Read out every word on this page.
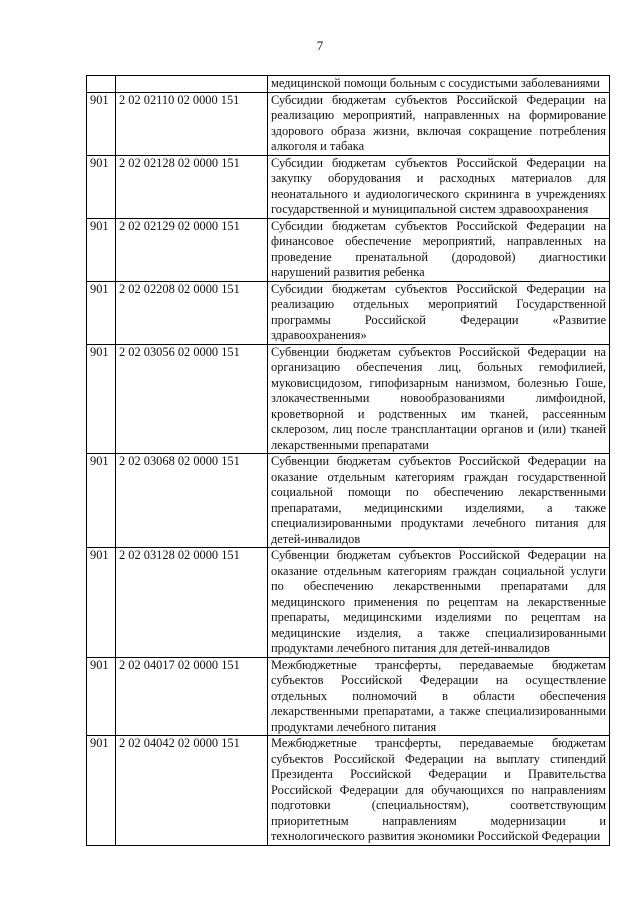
7
		медицинской помощи больным с сосудистыми заболеваниями
901	2 02 02110 02 0000 151	Субсидии бюджетам субъектов Российской Федерации на реализацию мероприятий, направленных на формирование здорового образа жизни, включая сокращение потребления алкоголя и табака
901	2 02 02128 02 0000 151	Субсидии бюджетам субъектов Российской Федерации на закупку оборудования и расходных материалов для неонатального и аудиологического скрининга в учреждениях государственной и муниципальной систем здравоохранения
901	2 02 02129 02 0000 151	Субсидии бюджетам субъектов Российской Федерации на финансовое обеспечение мероприятий, направленных на проведение пренатальной (дородовой) диагностики нарушений развития ребенка
901	2 02 02208 02 0000 151	Субсидии бюджетам субъектов Российской Федерации на реализацию отдельных мероприятий Государственной программы Российской Федерации «Развитие здравоохранения»
901	2 02 03056 02 0000 151	Субвенции бюджетам субъектов Российской Федерации на организацию обеспечения лиц, больных гемофилией, муковисцидозом, гипофизарным нанизмом, болезнью Гоше, злокачественными новообразованиями лимфоидной, кроветворной и родственных им тканей, рассеянным склерозом, лиц после трансплантации органов и (или) тканей лекарственными препаратами
901	2 02 03068 02 0000 151	Субвенции бюджетам субъектов Российской Федерации на оказание отдельным категориям граждан государственной социальной помощи по обеспечению лекарственными препаратами, медицинскими изделиями, а также специализированными продуктами лечебного питания для детей-инвалидов
901	2 02 03128 02 0000 151	Субвенции бюджетам субъектов Российской Федерации на оказание отдельным категориям граждан социальной услуги по обеспечению лекарственными препаратами для медицинского применения по рецептам на лекарственные препараты, медицинскими изделиями по рецептам на медицинские изделия, а также специализированными продуктами лечебного питания для детей-инвалидов
901	2 02 04017 02 0000 151	Межбюджетные трансферты, передаваемые бюджетам субъектов Российской Федерации на осуществление отдельных полномочий в области обеспечения лекарственными препаратами, а также специализированными продуктами лечебного питания
901	2 02 04042 02 0000 151	Межбюджетные трансферты, передаваемые бюджетам субъектов Российской Федерации на выплату стипендий Президента Российской Федерации и Правительства Российской Федерации для обучающихся по направлениям подготовки (специальностям), соответствующим приоритетным направлениям модернизации и технологического развития экономики Российской Федерации
